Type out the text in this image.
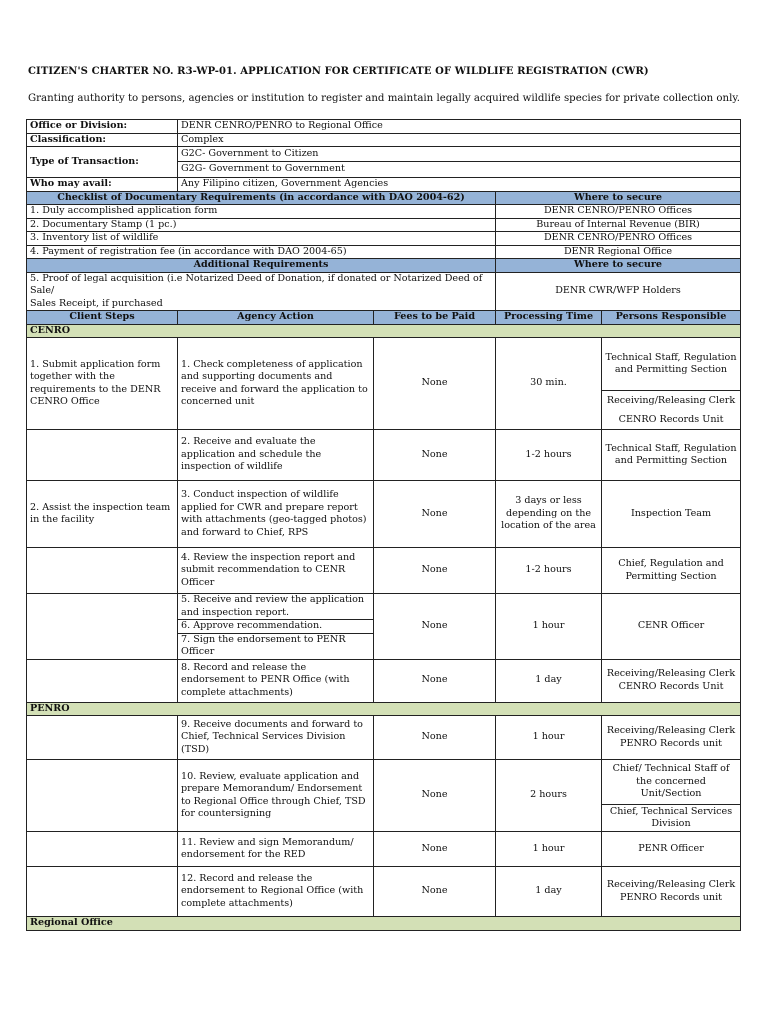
CITIZEN'S CHARTER NO. R3-WP-01. APPLICATION FOR CERTIFICATE OF WILDLIFE REGISTRATION (CWR)
Granting authority to persons, agencies or institution to register and maintain legally acquired wildlife species for private collection only.
Office or Division:	DENR CENRO/PENRO to Regional Office			
Classification:	Complex			
Type of Transaction:	G2C- Government to Citizen			
	G2G- Government to Government			
Who may avail:	Any Filipino citizen, Government Agencies			
Checklist of Documentary Requirements (in accordance with DAO 2004-62)			Where to secure	
1. Duly accomplished application form			DENR CENRO/PENRO Offices	
2. Documentary Stamp (1 pc.)			Bureau of Internal Revenue (BIR)	
3. Inventory list of wildlife			DENR CENRO/PENRO Offices	
4. Payment of registration fee (in accordance with DAO 2004-65)			DENR Regional Office	
Additional Requirements			Where to secure	

5. Proof of legal acquisition (i.e Notarized Deed of Donation, if donated or Notarized Deed of Sale/
Sales Receipt, if purchased			DENR CWR/WFP Holders	
Client Steps	Agency Action	Fees to be Paid	Processing Time	Persons Responsible
CENRO				
1. Submit application form together with the requirements to the DENR CENRO Office	1. Check completeness of application and supporting documents and receive and forward the application to concerned unit	None	30 min.	Technical Staff, Regulation and Permitting Section
				Receiving/Releasing Clerk
				CENRO Records Unit
	2. Receive and evaluate the application and schedule the inspection of wildlife	None	1-2 hours	Technical Staff, Regulation and Permitting Section
2. Assist the inspection team in the facility	3. Conduct inspection of wildlife applied for CWR and prepare report with attachments (geo-tagged photos) and forward to Chief, RPS	None	3 days or less depending on the location of the area	Inspection Team
	4. Review the inspection report and submit recommendation to CENR Officer	None	1-2 hours	Chief, Regulation and Permitting Section
	5. Receive and review the application and inspection report.	None	1 hour	CENR Officer
	6. Approve recommendation.			
	7. Sign the endorsement to PENR Officer			
	8. Record and release the endorsement to PENR Office (with complete attachments)	None	1 day	Receiving/Releasing Clerk CENRO Records Unit
PENRO				
	9. Receive documents and forward to Chief, Technical Services Division (TSD)	None	1 hour	Receiving/Releasing Clerk PENRO Records unit
	10. Review, evaluate application and prepare Memorandum/ Endorsement to Regional Office through Chief, TSD for countersigning	None	2 hours	Chief/ Technical Staff of the concerned Unit/Section
				Chief, Technical Services Division
	11. Review and sign Memorandum/ endorsement for the RED	None	1 hour	PENR Officer
	12. Record and release the endorsement to Regional Office (with complete attachments)	None	1 day	Receiving/Releasing Clerk PENRO Records unit
Regional Office				
